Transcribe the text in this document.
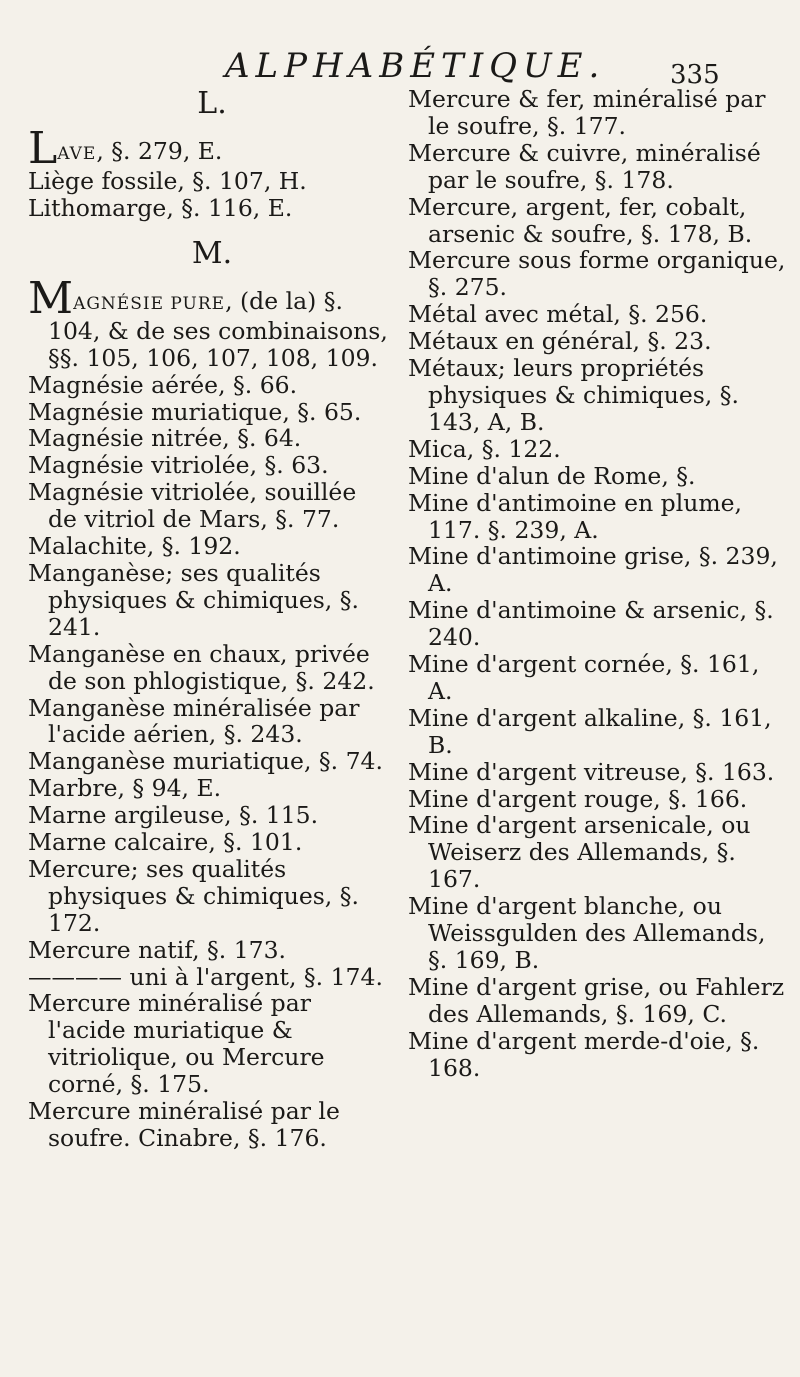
ALPHABÉTIQUE. 335
L.

LAVE, §. 279, E.

Liège fossile, §. 107, H.

Lithomarge, §. 116, E.

M.

MAGNÉSIE PURE, (de la) §. 104, & de ses combinaisons, §§. 105, 106, 107, 108, 109.

Magnésie aérée, §. 66.

Magnésie muriatique, §. 65.

Magnésie nitrée, §. 64.

Magnésie vitriolée, §. 63.

Magnésie vitriolée, souillée de vitriol de Mars, §. 77.

Malachite, §. 192.

Manganèse; ses qualités physiques & chimiques, §. 241.

Manganèse en chaux, privée de son phlogistique, §. 242.

Manganèse minéralisée par l'acide aérien, §. 243.

Manganèse muriatique, §. 74.

Marbre, § 94, E.

Marne argileuse, §. 115.

Marne calcaire, §. 101.

Mercure; ses qualités physiques & chimiques, §. 172.

Mercure natif, §. 173.

———— uni à l'argent, §. 174.

Mercure minéralisé par l'acide muriatique & vitriolique, ou Mercure corné, §. 175.

Mercure minéralisé par le soufre. Cinabre, §. 176.

Mercure & fer, minéralisé par le soufre, §. 177.

Mercure & cuivre, minéralisé par le soufre, §. 178.

Mercure, argent, fer, cobalt, arsenic & soufre, §. 178, B.

Mercure sous forme organique, §. 275.

Métal avec métal, §. 256.

Métaux en général, §. 23.

Métaux; leurs propriétés physiques & chimiques, §. 143, A, B.

Mica, §. 122.

Mine d'alun de Rome, §.

Mine d'antimoine en plume, 117. §. 239, A.

Mine d'antimoine grise, §. 239, A.

Mine d'antimoine & arsenic, §. 240.

Mine d'argent cornée, §. 161, A.

Mine d'argent alkaline, §. 161, B.

Mine d'argent vitreuse, §. 163.

Mine d'argent rouge, §. 166.

Mine d'argent arsenicale, ou Weiserz des Allemands, §. 167.

Mine d'argent blanche, ou Weissgulden des Allemands, §. 169, B.

Mine d'argent grise, ou Fahlerz des Allemands, §. 169, C.

Mine d'argent merde-d'oie, §. 168.
